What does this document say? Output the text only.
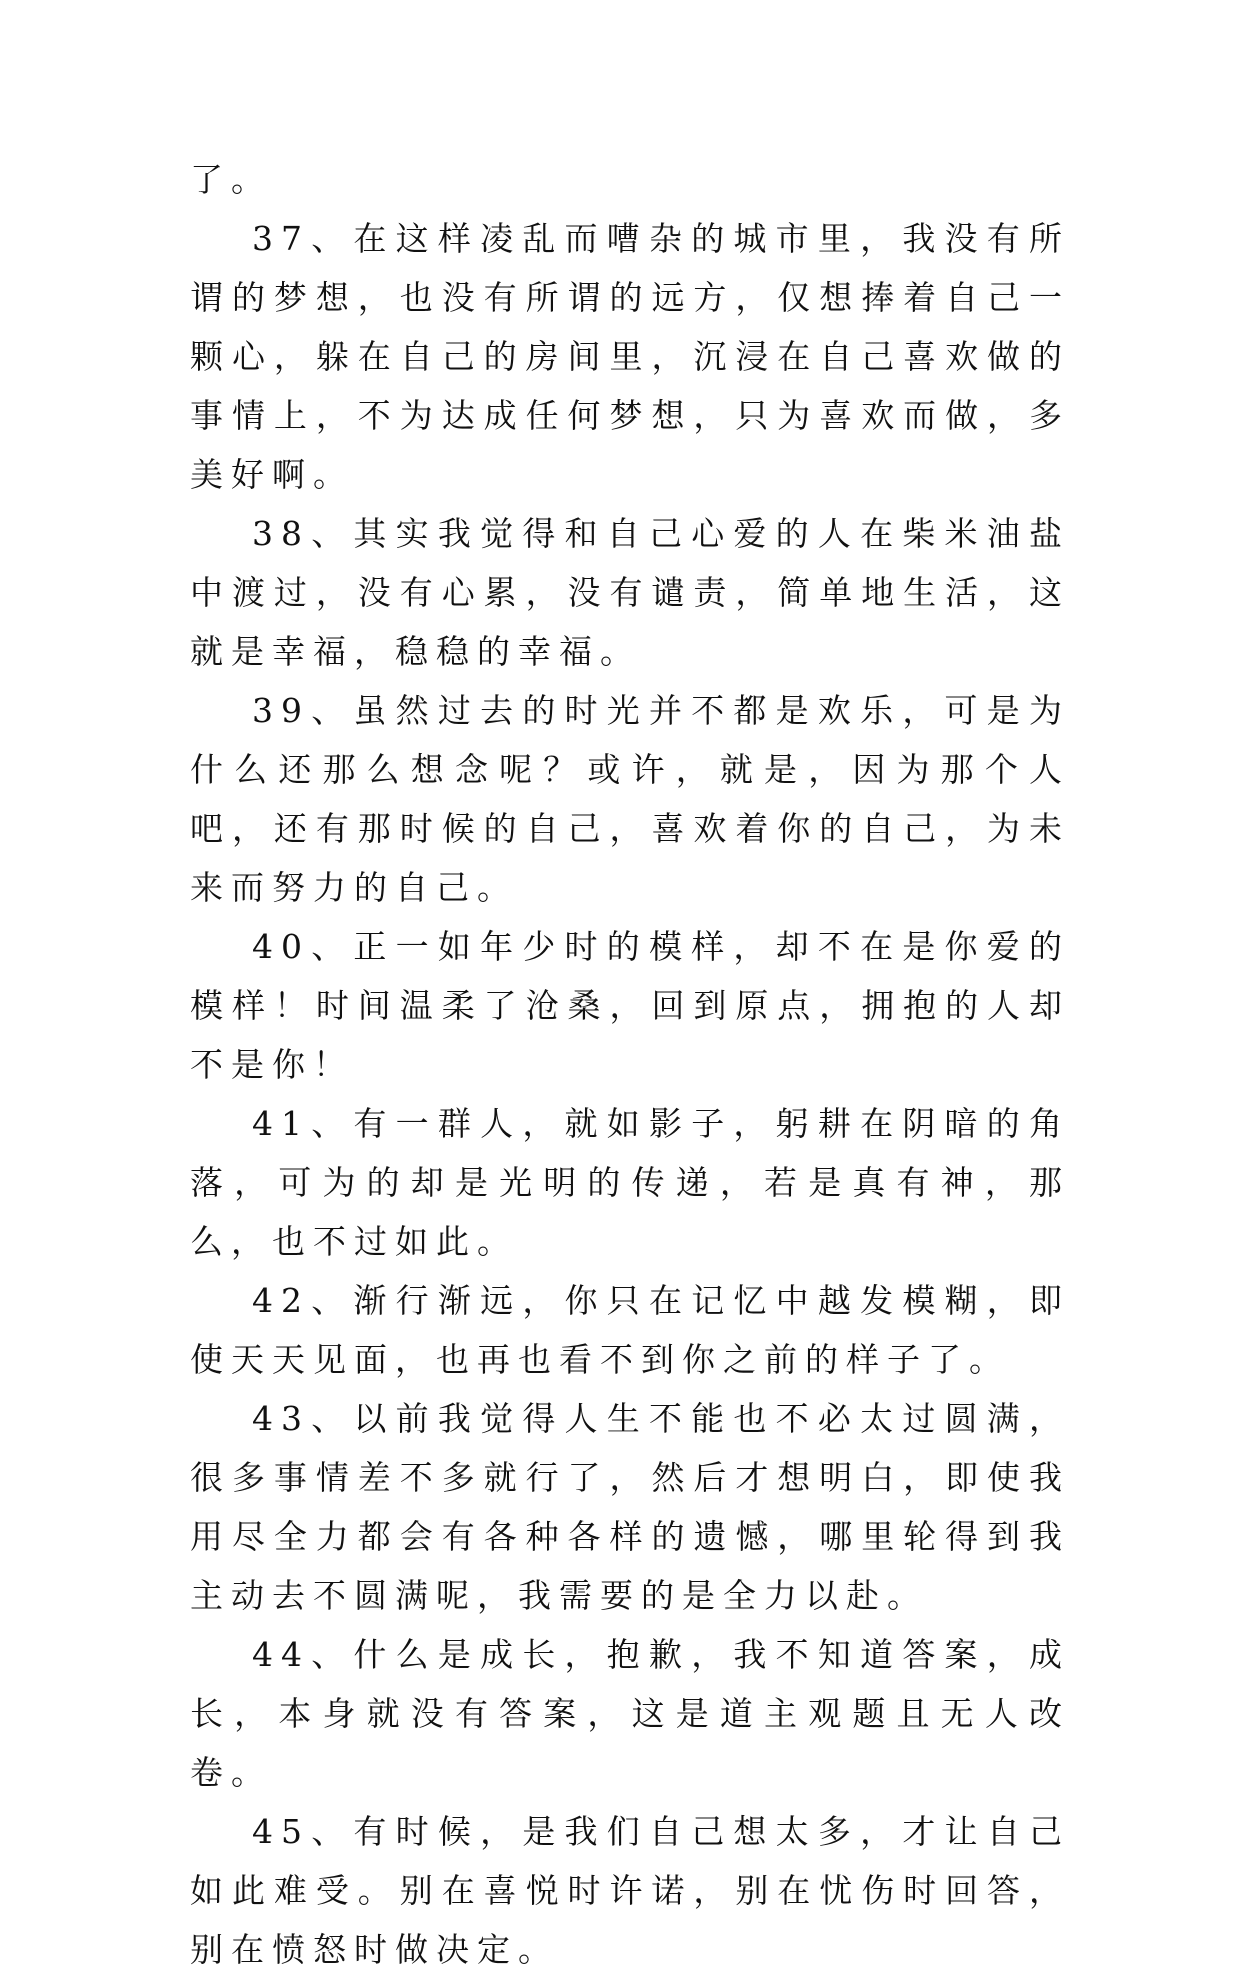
了。

37、在这样凌乱而嘈杂的城市里，我没有所谓的梦想，也没有所谓的远方，仅想捧着自己一颗心，躲在自己的房间里，沉浸在自己喜欢做的事情上，不为达成任何梦想，只为喜欢而做，多美好啊。

38、其实我觉得和自己心爱的人在柴米油盐中渡过，没有心累，没有谴责，简单地生活，这就是幸福，稳稳的幸福。

39、虽然过去的时光并不都是欢乐，可是为什么还那么想念呢？或许，就是，因为那个人吧，还有那时候的自己，喜欢着你的自己，为未来而努力的自己。

40、正一如年少时的模样，却不在是你爱的模样！时间温柔了沧桑，回到原点，拥抱的人却不是你！

41、有一群人，就如影子，躬耕在阴暗的角落，可为的却是光明的传递，若是真有神，那么，也不过如此。

42、渐行渐远，你只在记忆中越发模糊，即使天天见面，也再也看不到你之前的样子了。

43、以前我觉得人生不能也不必太过圆满，很多事情差不多就行了，然后才想明白，即使我用尽全力都会有各种各样的遗憾，哪里轮得到我主动去不圆满呢，我需要的是全力以赴。

44、什么是成长，抱歉，我不知道答案，成长，本身就没有答案，这是道主观题且无人改卷。

45、有时候，是我们自己想太多，才让自己如此难受。别在喜悦时许诺，别在忧伤时回答，别在愤怒时做决定。
